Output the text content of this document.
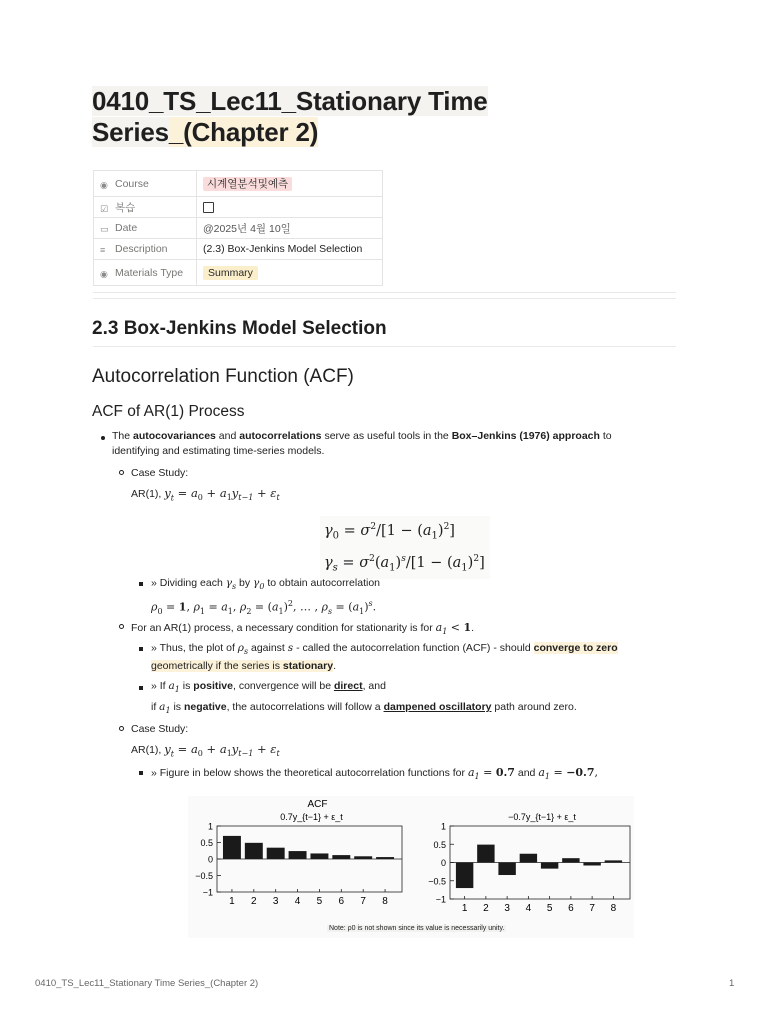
0410_TS_Lec11_Stationary Time
Series_(Chapter 2)
◉ Course	시계열분석및예측
☑ 복습	
▭ Date	@2025년 4월 10일
≡ Description	(2.3) Box-Jenkins Model Selection
◉ Materials Type	Summary
2.3 Box-Jenkins Model Selection
Autocorrelation Function (ACF)
ACF of AR(1) Process
The autocovariances and autocorrelations serve as useful tools in the Box–Jenkins (1976) approach to
identifying and estimating time-series models.
Case Study:
AR(1), $y_t = a_0 + a_1y_{t-1} + \varepsilon_t$
$\gamma_0 = \sigma^2/[1 - (a_1)^2]$
$\gamma_s = \sigma^2(a_1)^s/[1 - (a_1)^2]$
» Dividing each $\gamma_s$ by $\gamma_0$ to obtain autocorrelation
$\rho_0 = 1$, $\rho_1 = a_1$, $\rho_2 = (a_1)^2$, … , $\rho_s = (a_1)^s$.
For an AR(1) process, a necessary condition for stationarity is for $a_1 < 1$.
» Thus, the plot of $\rho_s$ against s - called the autocorrelation function (ACF) - should converge to zero
geometrically if the series is stationary.
» If $a_1$ is positive, convergence will be direct, and
if $a_1$ is negative, the autocorrelations will follow a dampened oscillatory path around zero.
Case Study:
AR(1), $y_t = a_0 + a_1y_{t-1} + \varepsilon_t$
» Figure in below shows the theoretical autocorrelation functions for $a_1 = 0.7$ and $a_1 = -0.7$,
ACF
0.7y_{t−1} + ε_t
1
0.5
0
−0.5
−1
1 2 3 4 5 6 7 8
−0.7y_{t−1} + ε_t
1
0.5
0
−0.5
−1
1 2 3 4 5 6 7 8
Note: ρ0 is not shown since its value is necessarily unity.
0410_TS_Lec11_Stationary Time Series_(Chapter 2)	1
